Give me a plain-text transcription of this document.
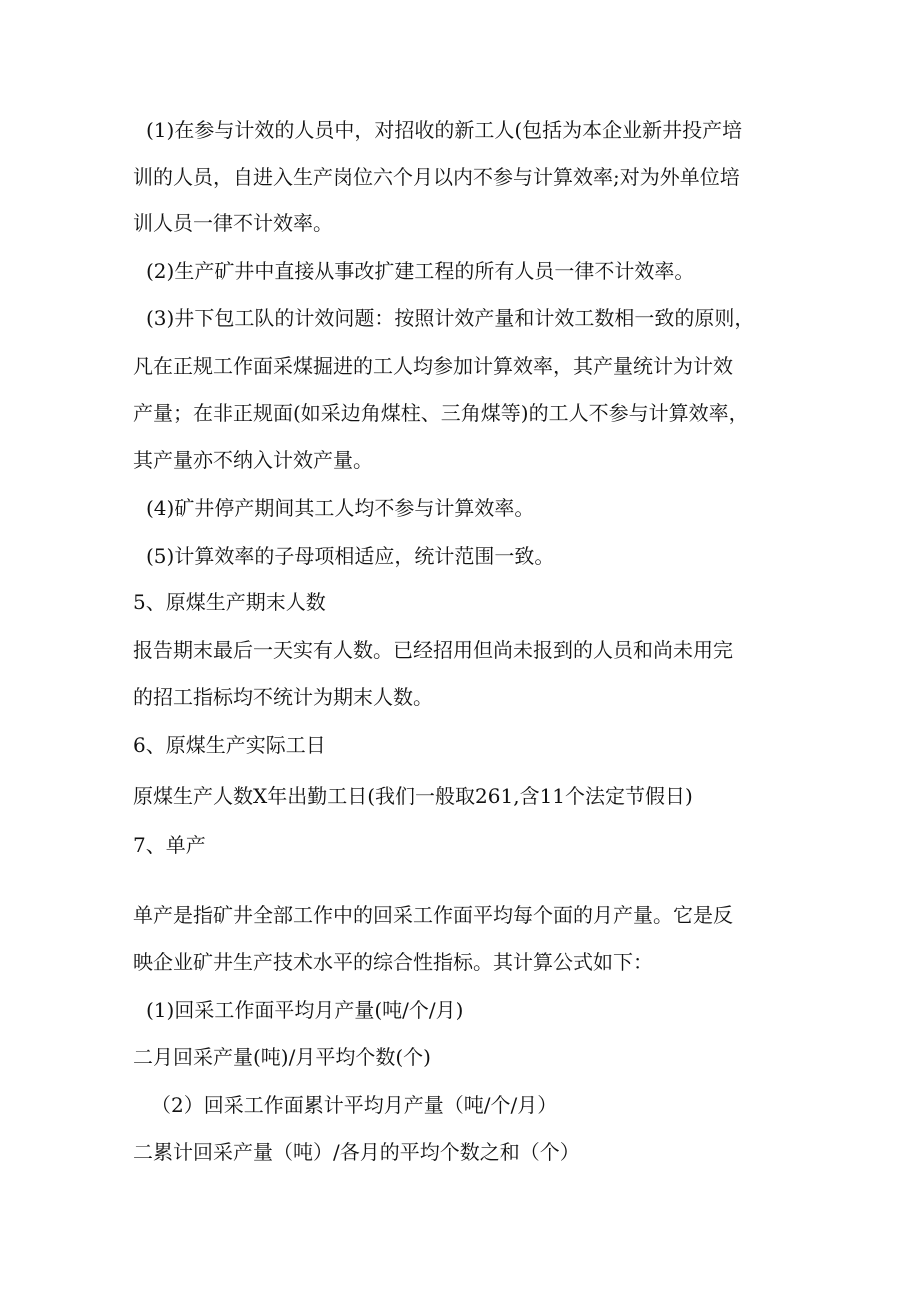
(1)在参与计效的人员中，对招收的新工人(包括为本企业新井投产培
训的人员，自进入生产岗位六个月以内不参与计算效率;对为外单位培
训人员一律不计效率。
(2)生产矿井中直接从事改扩建工程的所有人员一律不计效率。
(3)井下包工队的计效问题：按照计效产量和计效工数相一致的原则，
凡在正规工作面采煤掘进的工人均参加计算效率，其产量统计为计效
产量；在非正规面(如采边角煤柱、三角煤等)的工人不参与计算效率，
其产量亦不纳入计效产量。
(4)矿井停产期间其工人均不参与计算效率。
(5)计算效率的子母项相适应，统计范围一致。
5、原煤生产期末人数
报告期末最后一天实有人数。已经招用但尚未报到的人员和尚未用完
的招工指标均不统计为期末人数。
6、原煤生产实际工日
原煤生产人数X年出勤工日(我们一般取261,含11个法定节假日)
7、单产
单产是指矿井全部工作中的回采工作面平均每个面的月产量。它是反
映企业矿井生产技术水平的综合性指标。其计算公式如下：
(1)回采工作面平均月产量(吨/个/月)
二月回采产量(吨)/月平均个数(个)
（2）回采工作面累计平均月产量（吨/个/月）
二累计回采产量（吨）/各月的平均个数之和（个）
